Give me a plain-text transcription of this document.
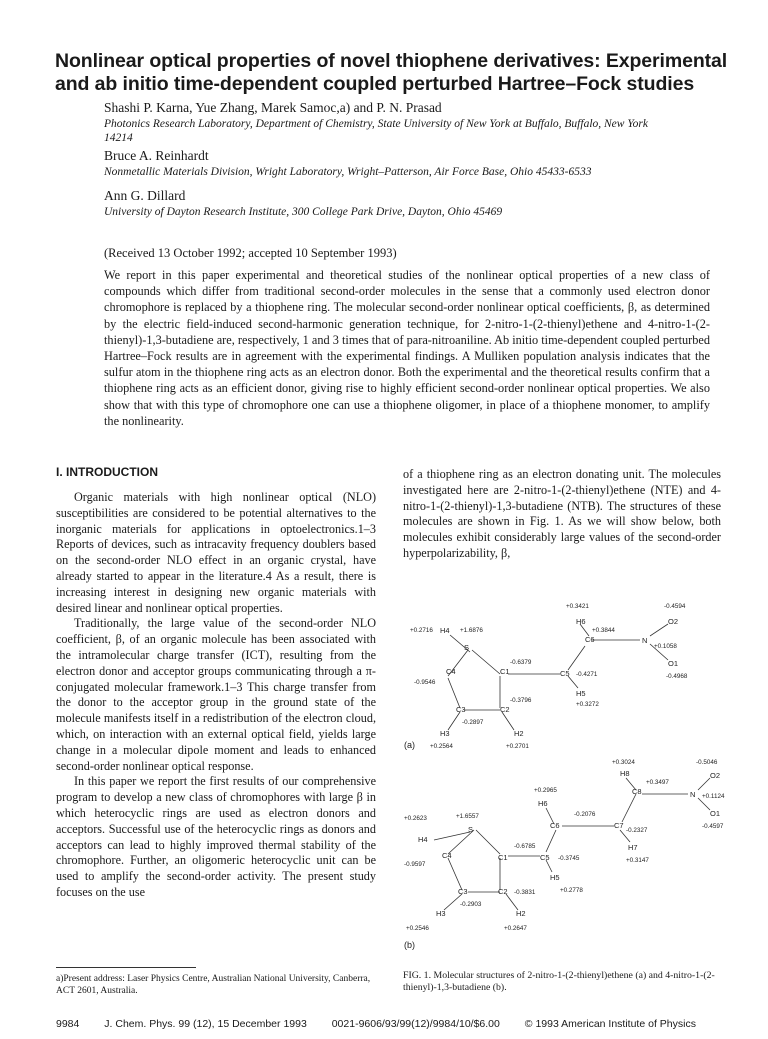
Nonlinear optical properties of novel thiophene derivatives: Experimental and ab initio time-dependent coupled perturbed Hartree–Fock studies
Shashi P. Karna, Yue Zhang, Marek Samoc,a) and P. N. Prasad
Photonics Research Laboratory, Department of Chemistry, State University of New York at Buffalo, Buffalo, New York 14214
Bruce A. Reinhardt
Nonmetallic Materials Division, Wright Laboratory, Wright–Patterson, Air Force Base, Ohio 45433-6533
Ann G. Dillard
University of Dayton Research Institute, 300 College Park Drive, Dayton, Ohio 45469
(Received 13 October 1992; accepted 10 September 1993)

We report in this paper experimental and theoretical studies of the nonlinear optical properties of a new class of compounds which differ from traditional second-order molecules in the sense that a commonly used electron donor chromophore is replaced by a thiophene ring. The molecular second-order nonlinear optical coefficients, β, as determined by the electric field-induced second-harmonic generation technique, for 2-nitro-1-(2-thienyl)ethene and 4-nitro-1-(2-thienyl)-1,3-butadiene are, respectively, 1 and 3 times that of para-nitroaniline. Ab initio time-dependent coupled perturbed Hartree–Fock results are in agreement with the experimental findings. A Mulliken population analysis indicates that the sulfur atom in the thiophene ring acts as an electron donor. Both the experimental and the theoretical results confirm that a thiophene ring acts as an efficient donor, giving rise to highly efficient second-order nonlinear optical properties. We also show that with this type of chromophore one can use a thiophene oligomer, in place of a thiophene monomer, to amplify the nonlinearity.

I. INTRODUCTION

Organic materials with high nonlinear optical (NLO) susceptibilities are considered to be potential alternatives to the inorganic materials for applications in optoelectronics.1–3 Reports of devices, such as intracavity frequency doublers based on the second-order NLO effect in an organic crystal, have already started to appear in the literature.4 As a result, there is increasing interest in designing new organic materials with desired linear and nonlinear optical properties.

Traditionally, the large value of the second-order NLO coefficient, β, of an organic molecule has been associated with the intramolecular charge transfer (ICT), resulting from the electron donor and acceptor groups communicating through a π-conjugated molecular framework.1–3 This charge transfer from the donor to the acceptor group in the ground state of the molecule manifests itself in a redistribution of the electron cloud, which, on interaction with an external optical field, yields large change in a molecular dipole moment and leads to enhanced second-order nonlinear optical response.

In this paper we report the first results of our comprehensive program to develop a new class of chromophores with large β in which heterocyclic rings are used as electron donors and acceptors. Successful use of the heterocyclic rings as donors and acceptors can lead to highly improved thermal stability of the chromophore. Further, an oligomeric heterocyclic unit can be used to amplify the second-order activity. The present study focuses on the use

of a thiophene ring as an electron donating unit. The molecules investigated here are 2-nitro-1-(2-thienyl)ethene (NTE) and 4-nitro-1-(2-thienyl)-1,3-butadiene (NTB). The structures of these molecules are shown in Fig. 1. As we will show below, both molecules exhibit considerably large values of the second-order hyperpolarizability, β,

S
H4
C4	C1
C3	C2
C5
C6
H6
N
O2
O1
H5
H3	H2
+0.2716	+1.6876
-0.9546
-0.6379
-0.4271
+0.3421
+0.3844
-0.4594
+0.1058
-0.4968
-0.3796
-0.2897
+0.2564	+0.2701
+0.3272
(a)
S
H4
C4	C1
C3	C2
C5
C6
H6
C7
C8
H8
N
O2
O1
H7
H5
H3	H2
+0.3024	-0.5046
+0.3497
+0.1124
+0.2965
-0.2076
-0.2327
-0.4597
+0.2623	+1.6557
-0.6785
-0.3745	+0.3147
-0.9597
+0.2778
-0.3831
-0.2903
+0.2546	+0.2647
(b)
FIG. 1. Molecular structures of 2-nitro-1-(2-thienyl)ethene (a) and 4-nitro-1-(2-thienyl)-1,3-butadiene (b).
a)Present address: Laser Physics Centre, Australian National University, Canberra, ACT 2601, Australia.
9984 J. Chem. Phys. 99 (12), 15 December 1993 0021-9606/93/99(12)/9984/10/$6.00 © 1993 American Institute of Physics
